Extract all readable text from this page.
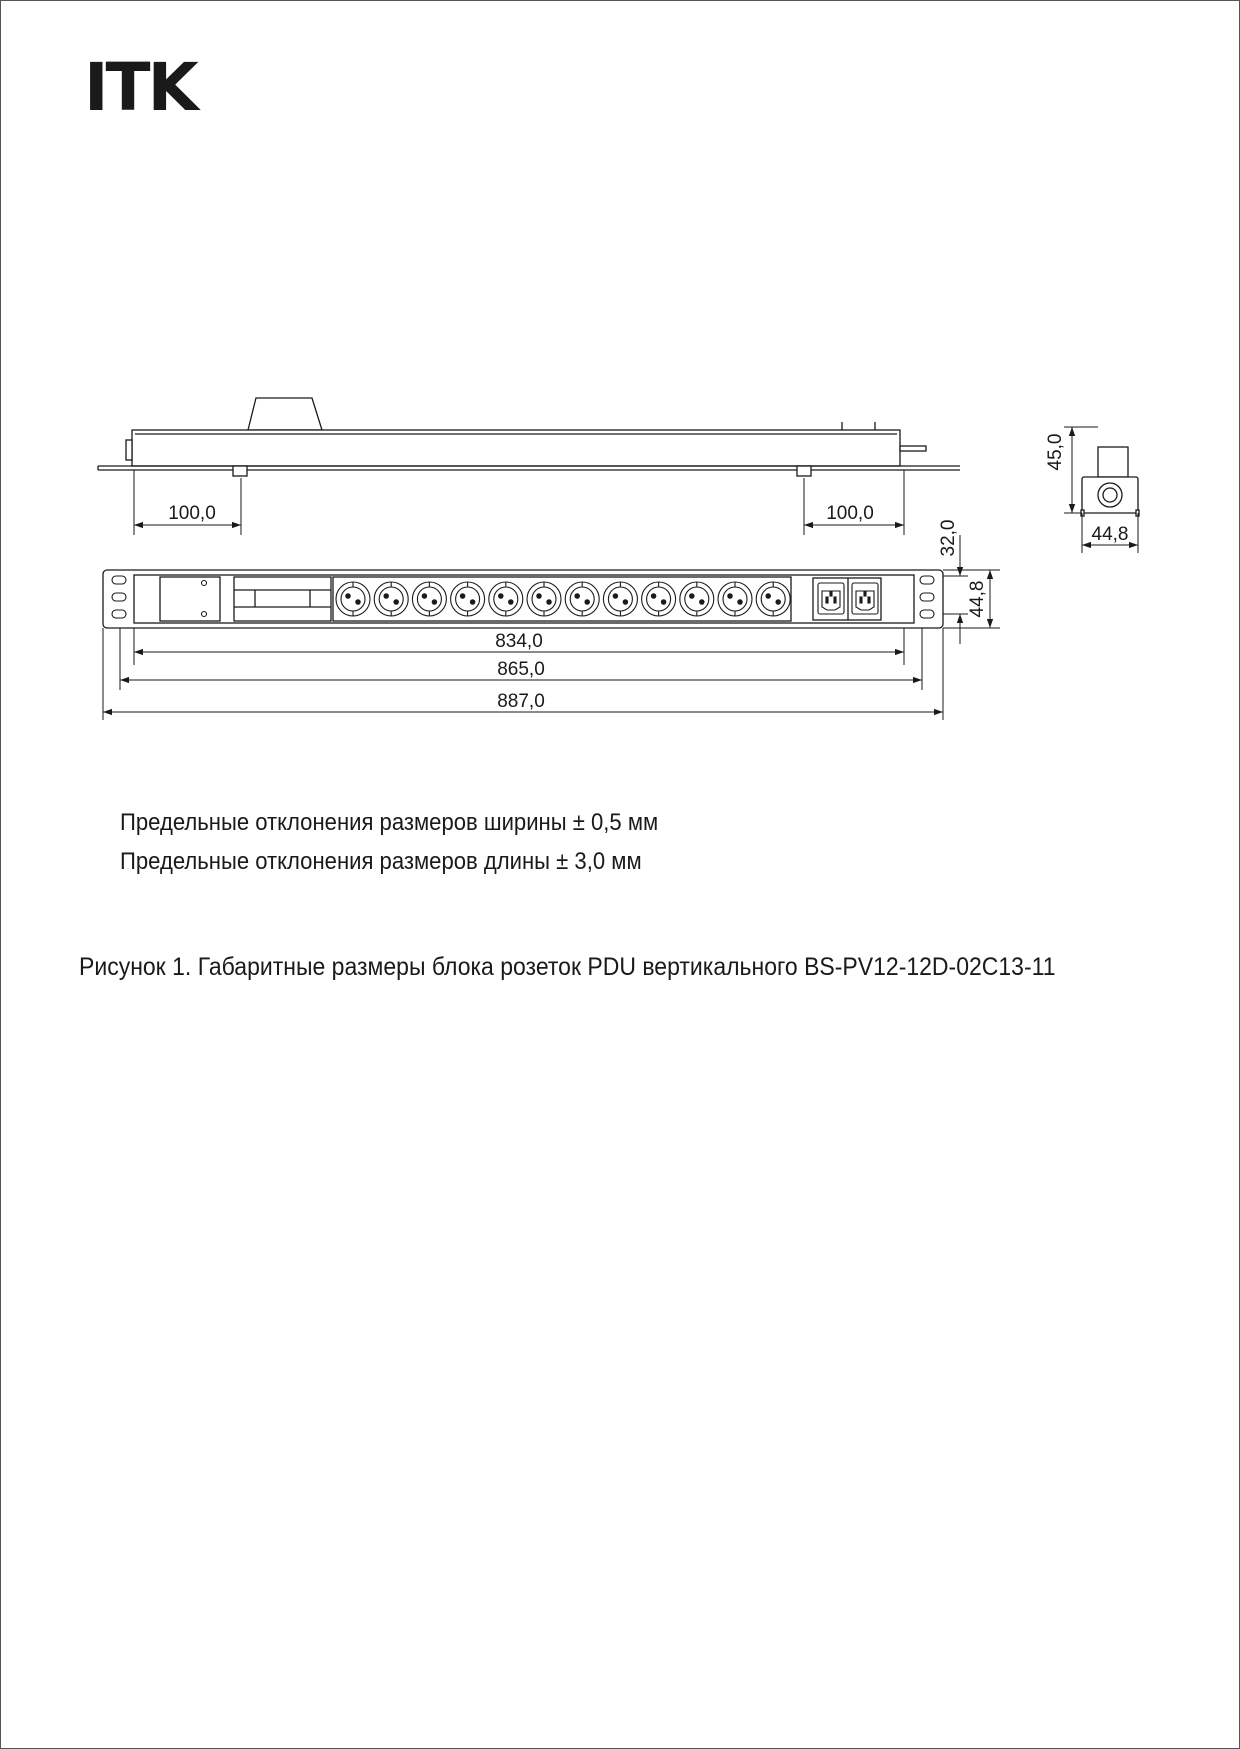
ITK
100,0	100,0
834,0
865,0
887,0
32,0
44,8
45,0
44,8
Предельные отклонения размеров ширины ± 0,5 мм
Предельные отклонения размеров длины ± 3,0 мм
Рисунок 1. Габаритные размеры блока розеток PDU вертикального BS-PV12-12D-02C13-11
